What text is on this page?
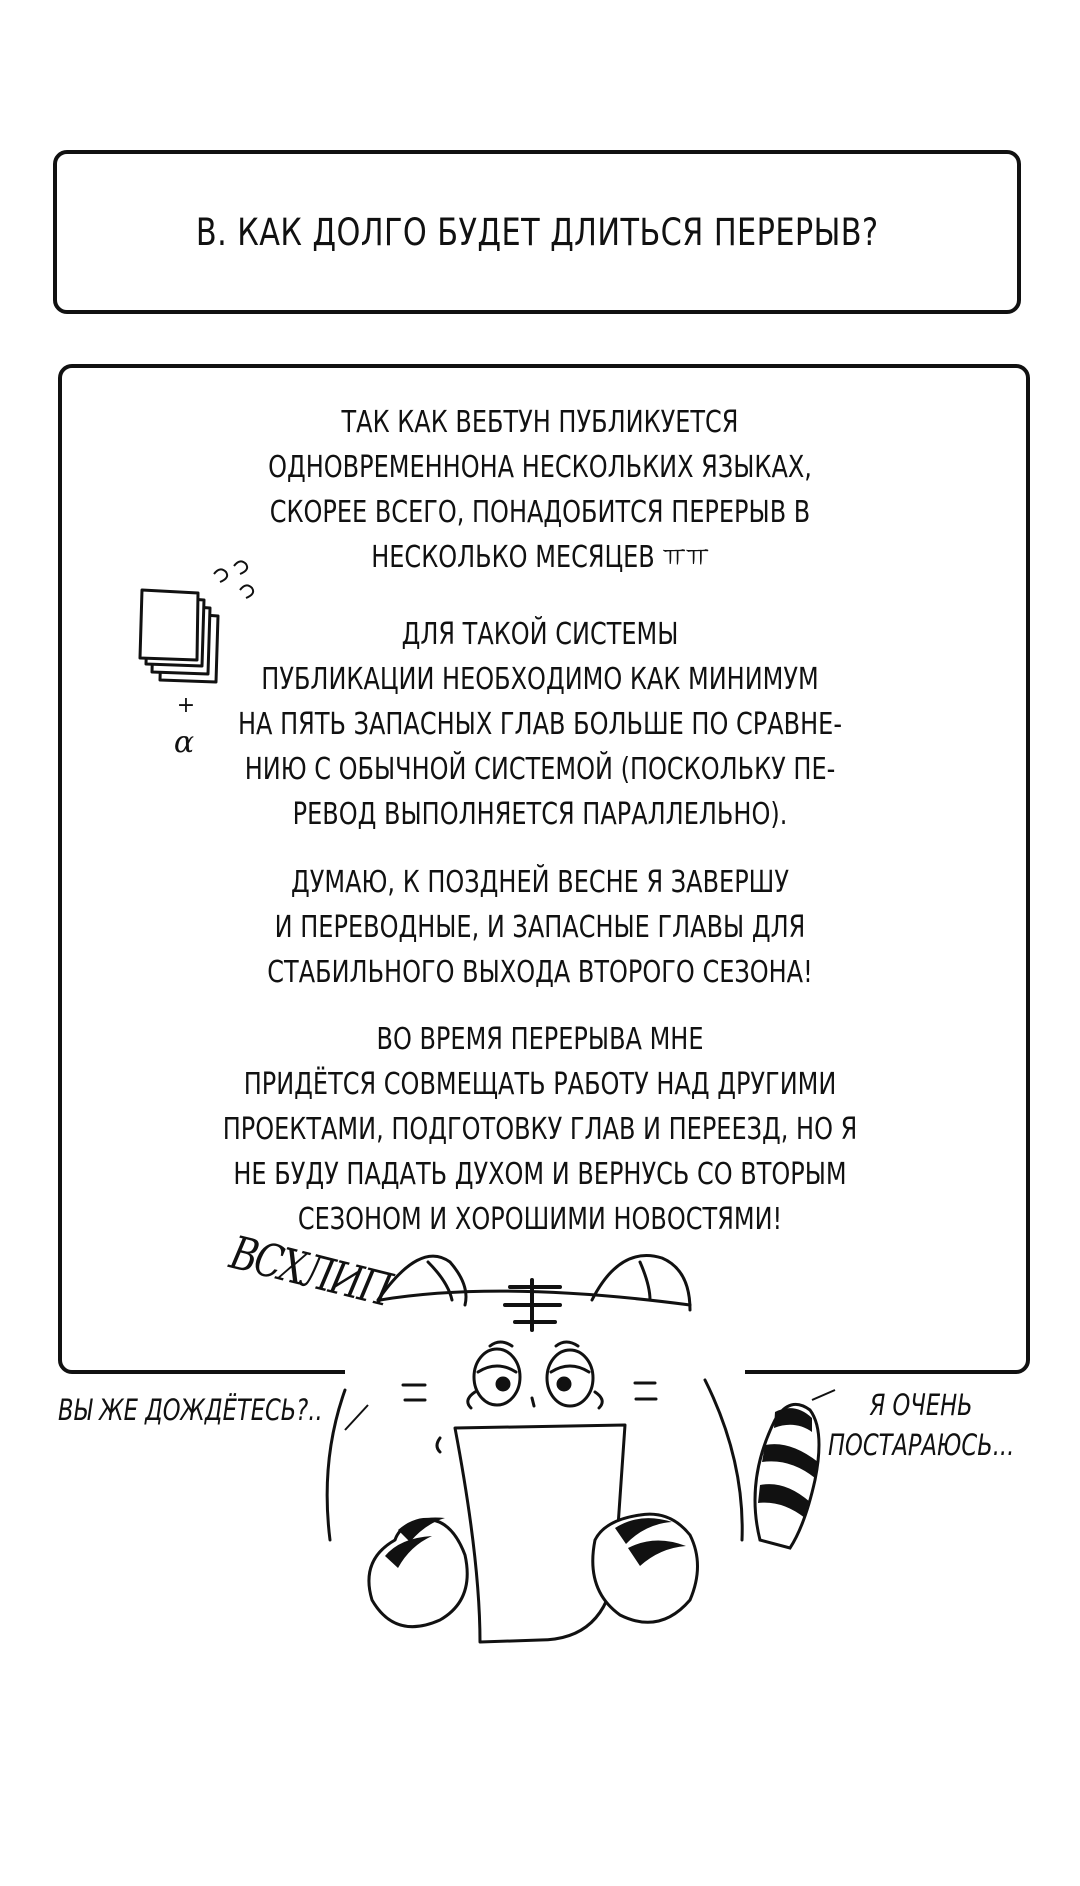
В. КАК ДОЛГО БУДЕТ ДЛИТЬСЯ ПЕРЕРЫВ?
ТАК КАК ВЕБТУН ПУБЛИКУЕТСЯ
ОДНОВРЕМЕННОНА НЕСКОЛЬКИХ ЯЗЫКАХ,
СКОРЕЕ ВСЕГО, ПОНАДОБИТСЯ ПЕРЕРЫВ В
НЕСКОЛЬКО МЕСЯЦЕВ ㅠㅠ
ДЛЯ ТАКОЙ СИСТЕМЫ
ПУБЛИКАЦИИ НЕОБХОДИМО КАК МИНИМУМ
НА ПЯТЬ ЗАПАСНЫХ ГЛАВ БОЛЬШЕ ПО СРАВНЕ-
НИЮ С ОБЫЧНОЙ СИСТЕМОЙ (ПОСКОЛЬКУ ПЕ-
РЕВОД ВЫПОЛНЯЕТСЯ ПАРАЛЛЕЛЬНО).
ДУМАЮ, К ПОЗДНЕЙ ВЕСНЕ Я ЗАВЕРШУ
И ПЕРЕВОДНЫЕ, И ЗАПАСНЫЕ ГЛАВЫ ДЛЯ
СТАБИЛЬНОГО ВЫХОДА ВТОРОГО СЕЗОНА!
ВО ВРЕМЯ ПЕРЕРЫВА МНЕ
ПРИДЁТСЯ СОВМЕЩАТЬ РАБОТУ НАД ДРУГИМИ
ПРОЕКТАМИ, ПОДГОТОВКУ ГЛАВ И ПЕРЕЕЗД, НО Я
НЕ БУДУ ПАДАТЬ ДУХОМ И ВЕРНУСЬ СО ВТОРЫМ
СЕЗОНОМ И ХОРОШИМИ НОВОСТЯМИ!
+
α
ВСХЛИП
ВЫ ЖЕ ДОЖДЁТЕСЬ?..	Я ОЧЕНЬ
ПОСТАРАЮСЬ...
